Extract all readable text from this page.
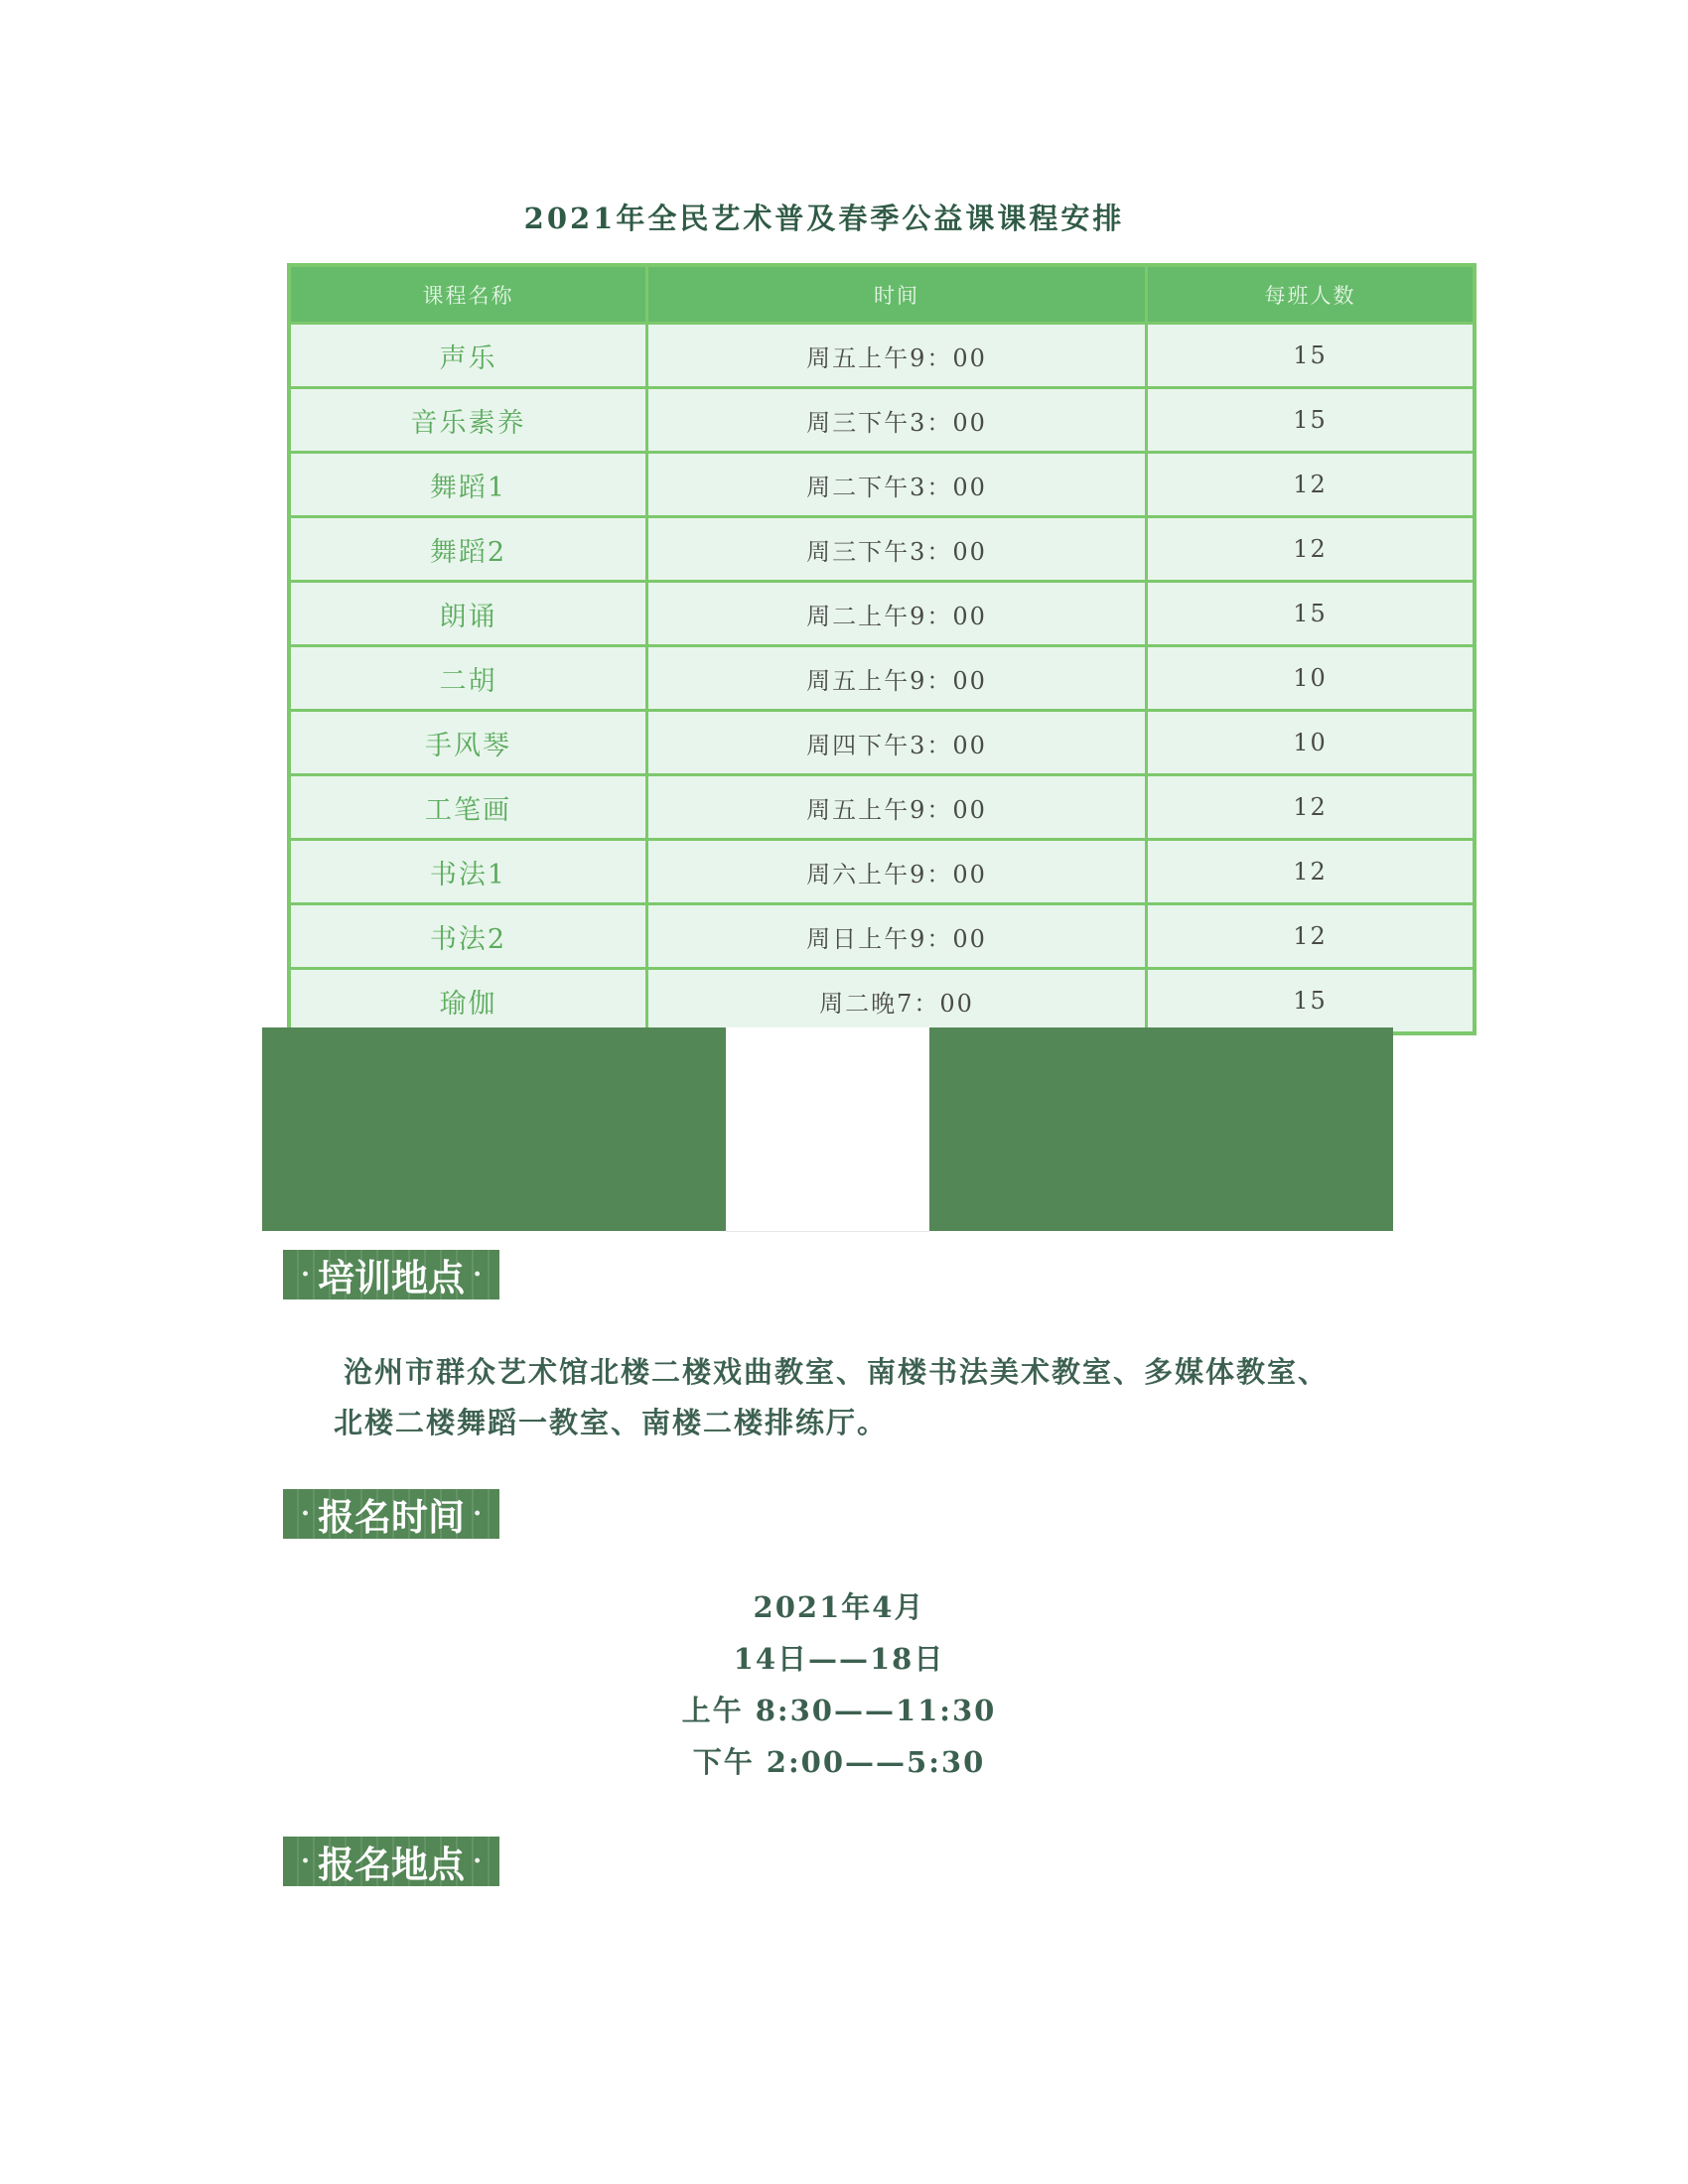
2021年全民艺术普及春季公益课课程安排
课程名称	时间	每班人数
声乐	周五上午9：00	15
音乐素养	周三下午3：00	15
舞蹈1	周二下午3：00	12
舞蹈2	周三下午3：00	12
朗诵	周二上午9：00	15
二胡	周五上午9：00	10
手风琴	周四下午3：00	10
工笔画	周五上午9：00	12
书法1	周六上午9：00	12
书法2	周日上午9：00	12
瑜伽	周二晚7：00	15
· 培训地点 ·

沧州市群众艺术馆北楼二楼戏曲教室、南楼书法美术教室、多媒体教室、

北楼二楼舞蹈一教室、南楼二楼排练厅。

· 报名时间 ·
2021年4月
14日——18日
上午 8:30——11:30
下午 2:00——5:30
· 报名地点 ·
